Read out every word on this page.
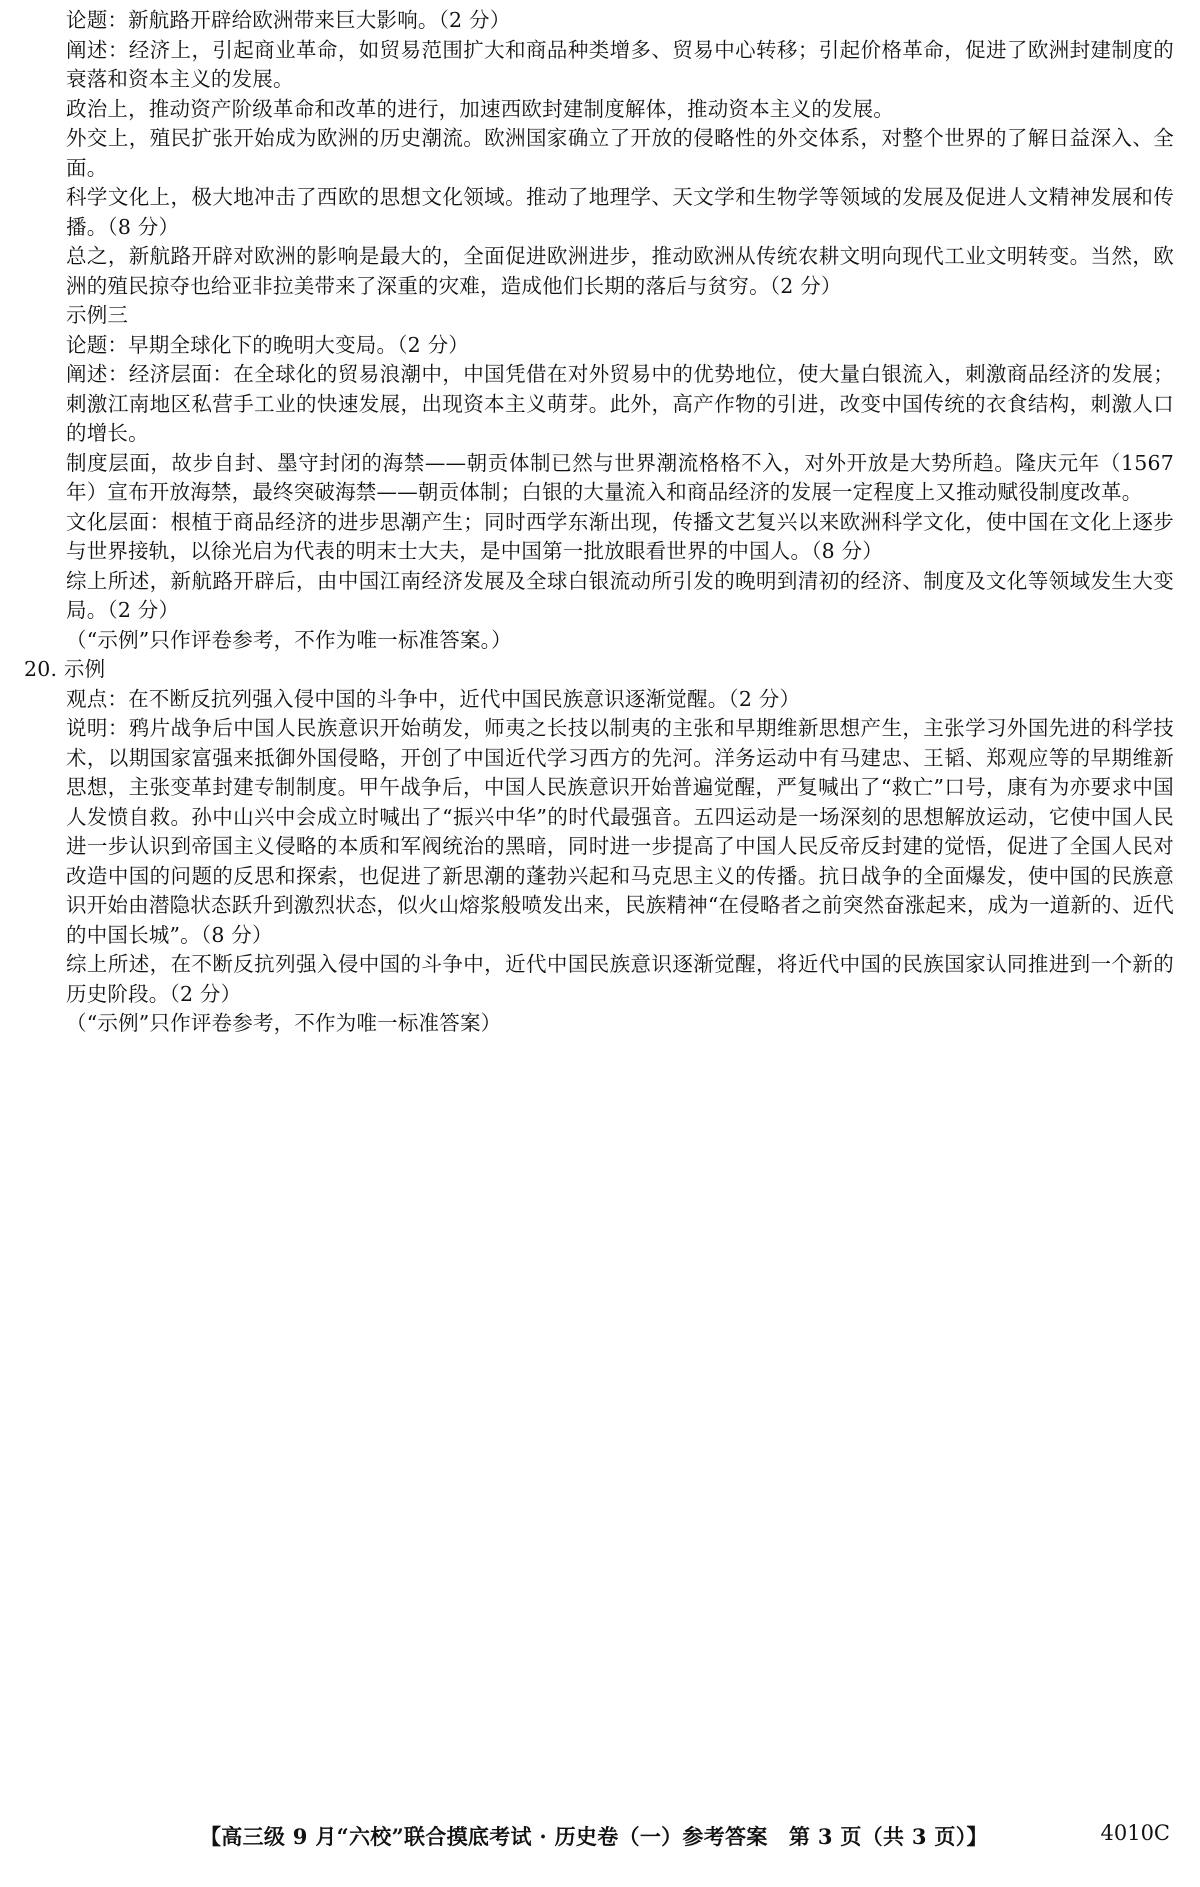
论题：新航路开辟给欧洲带来巨大影响。（2 分）

阐述：经济上，引起商业革命，如贸易范围扩大和商品种类增多、贸易中心转移；引起价格革命，促进了欧洲封建制度的衰落和资本主义的发展。

政治上，推动资产阶级革命和改革的进行，加速西欧封建制度解体，推动资本主义的发展。

外交上，殖民扩张开始成为欧洲的历史潮流。欧洲国家确立了开放的侵略性的外交体系，对整个世界的了解日益深入、全面。

科学文化上，极大地冲击了西欧的思想文化领域。推动了地理学、天文学和生物学等领域的发展及促进人文精神发展和传播。（8 分）

总之，新航路开辟对欧洲的影响是最大的，全面促进欧洲进步，推动欧洲从传统农耕文明向现代工业文明转变。当然，欧洲的殖民掠夺也给亚非拉美带来了深重的灾难，造成他们长期的落后与贫穷。（2 分）

示例三

论题：早期全球化下的晚明大变局。（2 分）

阐述：经济层面：在全球化的贸易浪潮中，中国凭借在对外贸易中的优势地位，使大量白银流入，刺激商品经济的发展；刺激江南地区私营手工业的快速发展，出现资本主义萌芽。此外，高产作物的引进，改变中国传统的衣食结构，刺激人口的增长。

制度层面，故步自封、墨守封闭的海禁——朝贡体制已然与世界潮流格格不入，对外开放是大势所趋。隆庆元年（1567 年）宣布开放海禁，最终突破海禁——朝贡体制；白银的大量流入和商品经济的发展一定程度上又推动赋役制度改革。

文化层面：根植于商品经济的进步思潮产生；同时西学东渐出现，传播文艺复兴以来欧洲科学文化，使中国在文化上逐步与世界接轨，以徐光启为代表的明末士大夫，是中国第一批放眼看世界的中国人。（8 分）

综上所述，新航路开辟后，由中国江南经济发展及全球白银流动所引发的晚明到清初的经济、制度及文化等领域发生大变局。（2 分）

（“示例”只作评卷参考，不作为唯一标准答案。）

20. 示例

观点：在不断反抗列强入侵中国的斗争中，近代中国民族意识逐渐觉醒。（2 分）

说明：鸦片战争后中国人民族意识开始萌发，师夷之长技以制夷的主张和早期维新思想产生，主张学习外国先进的科学技术，以期国家富强来抵御外国侵略，开创了中国近代学习西方的先河。洋务运动中有马建忠、王韬、郑观应等的早期维新思想，主张变革封建专制制度。甲午战争后，中国人民族意识开始普遍觉醒，严复喊出了“救亡”口号，康有为亦要求中国人发愤自救。孙中山兴中会成立时喊出了“振兴中华”的时代最强音。五四运动是一场深刻的思想解放运动，它使中国人民进一步认识到帝国主义侵略的本质和军阀统治的黑暗，同时进一步提高了中国人民反帝反封建的觉悟，促进了全国人民对改造中国的问题的反思和探索，也促进了新思潮的蓬勃兴起和马克思主义的传播。抗日战争的全面爆发，使中国的民族意识开始由潜隐状态跃升到激烈状态，似火山熔浆般喷发出来，民族精神“在侵略者之前突然奋涨起来，成为一道新的、近代的中国长城”。（8 分）

综上所述，在不断反抗列强入侵中国的斗争中，近代中国民族意识逐渐觉醒，将近代中国的民族国家认同推进到一个新的历史阶段。（2 分）

（“示例”只作评卷参考，不作为唯一标准答案）

【高三级 9 月“六校”联合摸底考试 · 历史卷（一）参考答案　第 3 页（共 3 页）】	4010C
